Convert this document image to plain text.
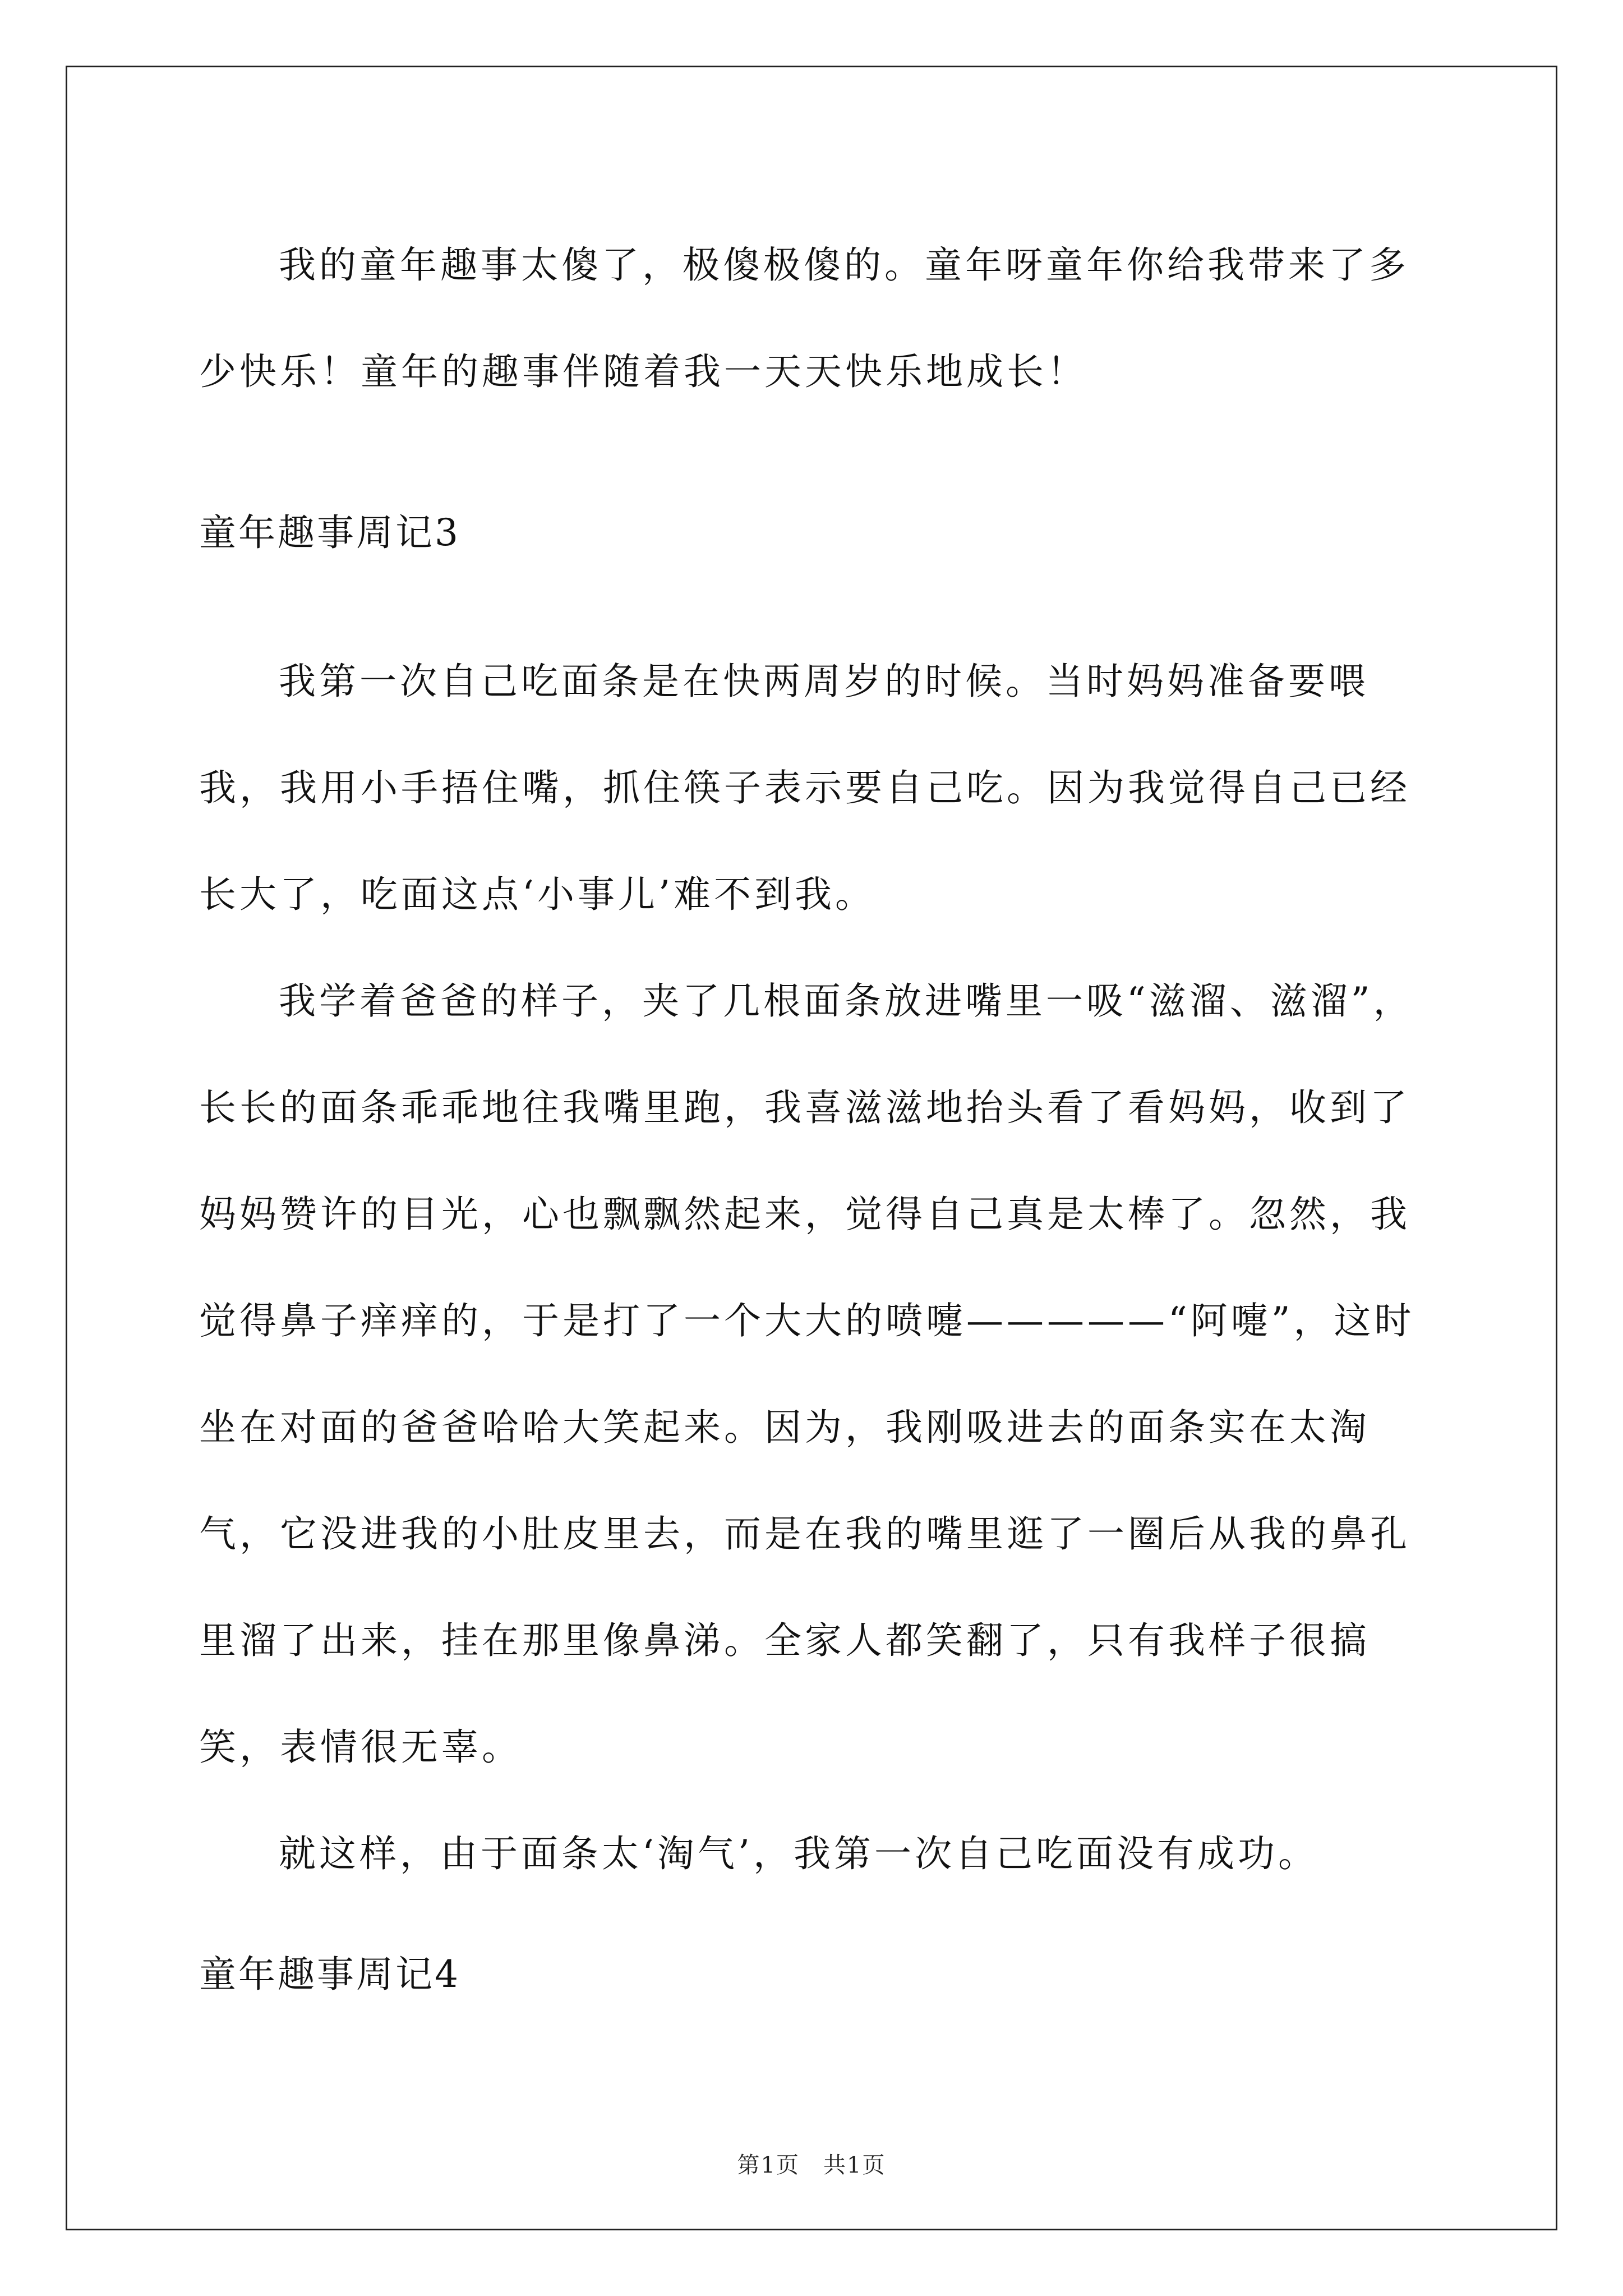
我的童年趣事太傻了，极傻极傻的。童年呀童年你给我带来了多少快乐！童年的趣事伴随着我一天天快乐地成长！

童年趣事周记3

我第一次自己吃面条是在快两周岁的时候。当时妈妈准备要喂我，我用小手捂住嘴，抓住筷子表示要自己吃。因为我觉得自己已经长大了，吃面这点‘小事儿’难不到我。

我学着爸爸的样子，夹了几根面条放进嘴里一吸“滋溜、滋溜”，长长的面条乖乖地往我嘴里跑，我喜滋滋地抬头看了看妈妈，收到了妈妈赞许的目光，心也飘飘然起来，觉得自己真是太棒了。忽然，我觉得鼻子痒痒的，于是打了一个大大的喷嚏—————“阿嚏”，这时坐在对面的爸爸哈哈大笑起来。因为，我刚吸进去的面条实在太淘气，它没进我的小肚皮里去，而是在我的嘴里逛了一圈后从我的鼻孔里溜了出来，挂在那里像鼻涕。全家人都笑翻了，只有我样子很搞笑，表情很无辜。

就这样，由于面条太‘淘气’，我第一次自己吃面没有成功。

童年趣事周记4
第1页　共1页
